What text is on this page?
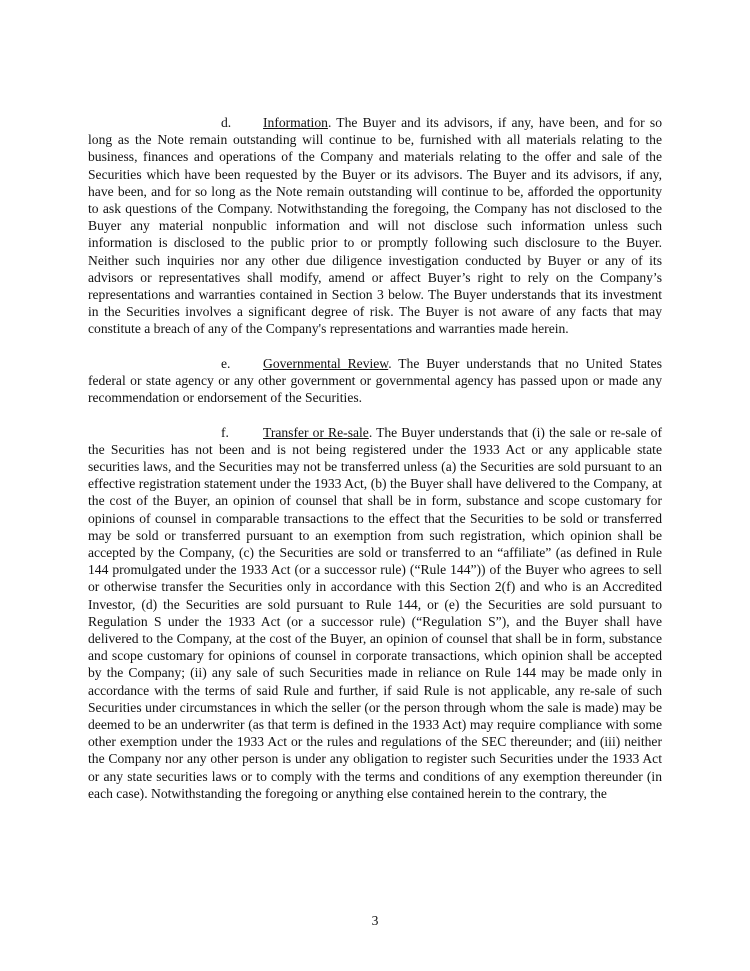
d. Information. The Buyer and its advisors, if any, have been, and for so long as the Note remain outstanding will continue to be, furnished with all materials relating to the business, finances and operations of the Company and materials relating to the offer and sale of the Securities which have been requested by the Buyer or its advisors. The Buyer and its advisors, if any, have been, and for so long as the Note remain outstanding will continue to be, afforded the opportunity to ask questions of the Company. Notwithstanding the foregoing, the Company has not disclosed to the Buyer any material nonpublic information and will not disclose such information unless such information is disclosed to the public prior to or promptly following such disclosure to the Buyer. Neither such inquiries nor any other due diligence investigation conducted by Buyer or any of its advisors or representatives shall modify, amend or affect Buyer’s right to rely on the Company’s representations and warranties contained in Section 3 below. The Buyer understands that its investment in the Securities involves a significant degree of risk. The Buyer is not aware of any facts that may constitute a breach of any of the Company's representations and warranties made herein.

e. Governmental Review. The Buyer understands that no United States federal or state agency or any other government or governmental agency has passed upon or made any recommendation or endorsement of the Securities.

f.	Transfer or Re-sale. The Buyer understands that (i) the sale or re-sale of the Securities has not been and is not being registered under the 1933 Act or any applicable state securities laws, and the Securities may not be transferred unless (a) the Securities are sold pursuant to an effective registration statement under the 1933 Act, (b) the Buyer shall have delivered to the Company, at the cost of the Buyer, an opinion of counsel that shall be in form, substance and scope customary for opinions of counsel in comparable transactions to the effect that the Securities to be sold or transferred may be sold or transferred pursuant to an exemption from such registration, which opinion shall be accepted by the Company, (c) the Securities are sold or transferred to an “affiliate” (as defined in Rule 144 promulgated under the 1933 Act (or a successor rule) (“Rule 144”)) of the Buyer who agrees to sell or otherwise transfer the Securities only in accordance with this Section 2(f) and who is an Accredited Investor, (d) the Securities are sold pursuant to Rule 144, or (e) the Securities are sold pursuant to Regulation S under the 1933 Act (or a successor rule) (“Regulation S”), and the Buyer shall have delivered to the Company, at the cost of the Buyer, an opinion of counsel that shall be in form, substance and scope customary for opinions of counsel in corporate transactions, which opinion shall be accepted by the Company; (ii) any sale of such Securities made in reliance on Rule 144 may be made only in accordance with the terms of said Rule and further, if said Rule is not applicable, any re-sale of such Securities under circumstances in which the seller (or the person through whom the sale is made) may be deemed to be an underwriter (as that term is defined in the 1933 Act) may require compliance with some other exemption under the 1933 Act or the rules and regulations of the SEC thereunder; and (iii) neither the Company nor any other person is under any obligation to register such Securities under the 1933 Act or any state securities laws or to comply with the terms and conditions of any exemption thereunder (in each case). Notwithstanding the foregoing or anything else contained herein to the contrary, the

3
